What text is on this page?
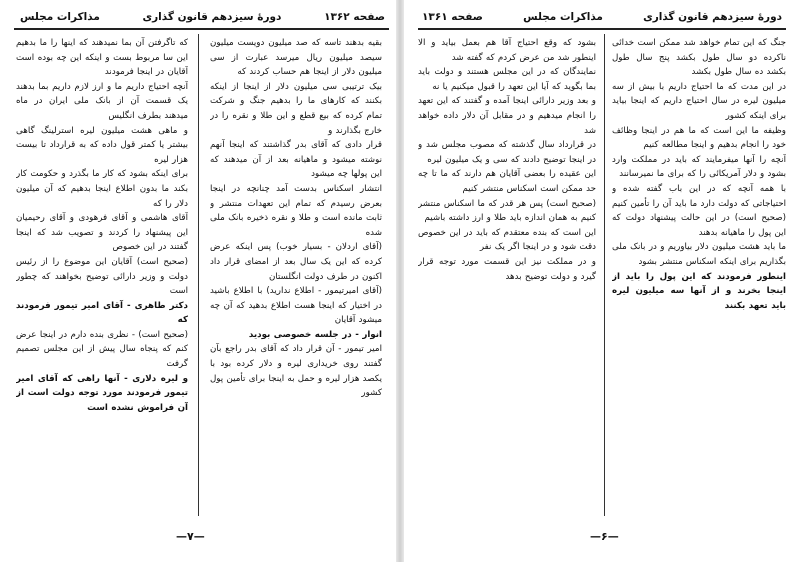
صفحه ۱۳۶۲
دورهٔ سیزدهم قانون گذاری
مذاکرات مجلس

بقیه بدهند تاسه که صد میلیون دویست میلیون سیصد میلیون ریال میرسد عبارت از سی میلیون دلار از اینجا هم حساب کردند که

بیک ترتیبی سی میلیون دلار از اینجا از اینکه بکنند که کارهای ما را بدهیم جنگ و شرکت تمام کرده که بیع قطع و این طلا و نقره را در خارج بگذارند و

قرار دادی که آقای بدر گذاشتند که اینجا آنهم نوشته میشود و ماهیانه بعد از آن میدهند که این پولها چه میشود

انتشار اسکناس بدست آمد چنانچه در اینجا بعرض رسیدم که تمام این تعهدات منتشر و ثابت مانده است و طلا و نقره ذخیره بانک ملی شده

(آقای اردلان - بسیار خوب) پس اینکه عرض کرده که این یک سال بعد از امضای قرار داد اکنون در طرف دولت انگلستان

(آقای امیرتیمور - اطلاع ندارید) با اطلاع باشید در اختیار که اینجا هست اطلاع بدهید که آن چه میشود آقایان

انوار - در جلسه خصوصی بودید

امیر تیمور - آن قرار داد که آقای بدر راجع بآن گفتند روی خریداری لیره و دلار کرده بود با یکصد هزار لیره و حمل به اینجا برای تأمین پول کشور

که تاگرفتن آن بما نمیدهند که اینها را ما بدهیم این سا مربوط بست و اینکه این چه بوده است آقایان در اینجا فرمودند

آنچه احتیاج داریم ما و ارز لازم داریم بما بدهند یک قسمت آن از بانک ملی ایران در ماه میدهند بطرف انگلیس

و ماهی هشت میلیون لیره استرلینگ گاهی بیشتر یا کمتر قول داده که به قرارداد تا بیست هزار لیره

برای اینکه بشود که کار ما بگذرد و حکومت کار بکند ما بدون اطلاع اینجا بدهیم که آن میلیون دلار را که

آقای هاشمی و آقای فرهودی و آقای رحیمیان این پیشنهاد را کردند و تصویب شد که اینجا گفتند در این خصوص

(صحیح است) آقایان این موضوع را از رئیس دولت و وزیر دارائی توضیح بخواهند که چطور است

دکتر طاهری - آقای امیر تیمور فرمودند که

(صحیح است) - نظری بنده دارم در اینجا عرض کنم که پنجاه سال پیش از این مجلس تصمیم گرفت

و لیره دلاری - آنها راهی که آقای امیر تیمور فرمودند مورد توجه دولت است از آن فراموش نشده است

—۷—
دورهٔ سیزدهم قانون گذاری
مذاکرات مجلس
صفحه ۱۳۶۱

جنگ که این تمام خواهد شد ممکن است خدائی ناکرده دو سال طول بکشد پنج سال طول بکشد ده سال طول بکشد

در این مدت که ما احتیاج داریم با بیش از سه میلیون لیره در سال احتیاج داریم که اینجا بیاید برای اینکه کشور

وظیفه ما این است که ما هم در اینجا وظائف خود را انجام بدهیم و اینجا مطالعه کنیم

آنچه را آنها میفرمایند که باید در مملکت وارد بشود و دلار آمریکائی را که برای ما نمیرسانند

با همه آنچه که در این باب گفته شده و احتیاجاتی که دولت دارد ما باید آن را تأمین کنیم

(صحیح است) در این حالت پیشنهاد دولت که این پول را ماهیانه بدهند

ما باید هشت میلیون دلار بیاوریم و در بانک ملی بگذاریم برای اینکه اسکناس منتشر بشود

اینطور فرمودند که این پول را باید از اینجا بخرند و از آنها سه میلیون لیره باید تعهد بکنند

بشود که وقع احتیاج آقا هم بعمل بیاید و الا اینطور شد من عرض کردم که گفته شد

نمایندگان که در این مجلس هستند و دولت باید بما بگوید که آیا این تعهد را قبول میکنیم یا نه

و بعد وزیر دارائی اینجا آمده و گفتند که این تعهد را انجام میدهیم و در مقابل آن دلار داده خواهد شد

در قرارداد سال گذشته که مصوب مجلس شد و در اینجا توضیح دادند که سی و یک میلیون لیره

این عقیده را بعضی آقایان هم دارند که ما تا چه حد ممکن است اسکناس منتشر کنیم

(صحیح است) پس هر قدر که ما اسکناس منتشر کنیم به همان اندازه باید طلا و ارز داشته باشیم

این است که بنده معتقدم که باید در این خصوص دقت شود و در اینجا اگر یک نفر

و در مملکت نیز این قسمت مورد توجه قرار گیرد و دولت توضیح بدهد

—۶—
